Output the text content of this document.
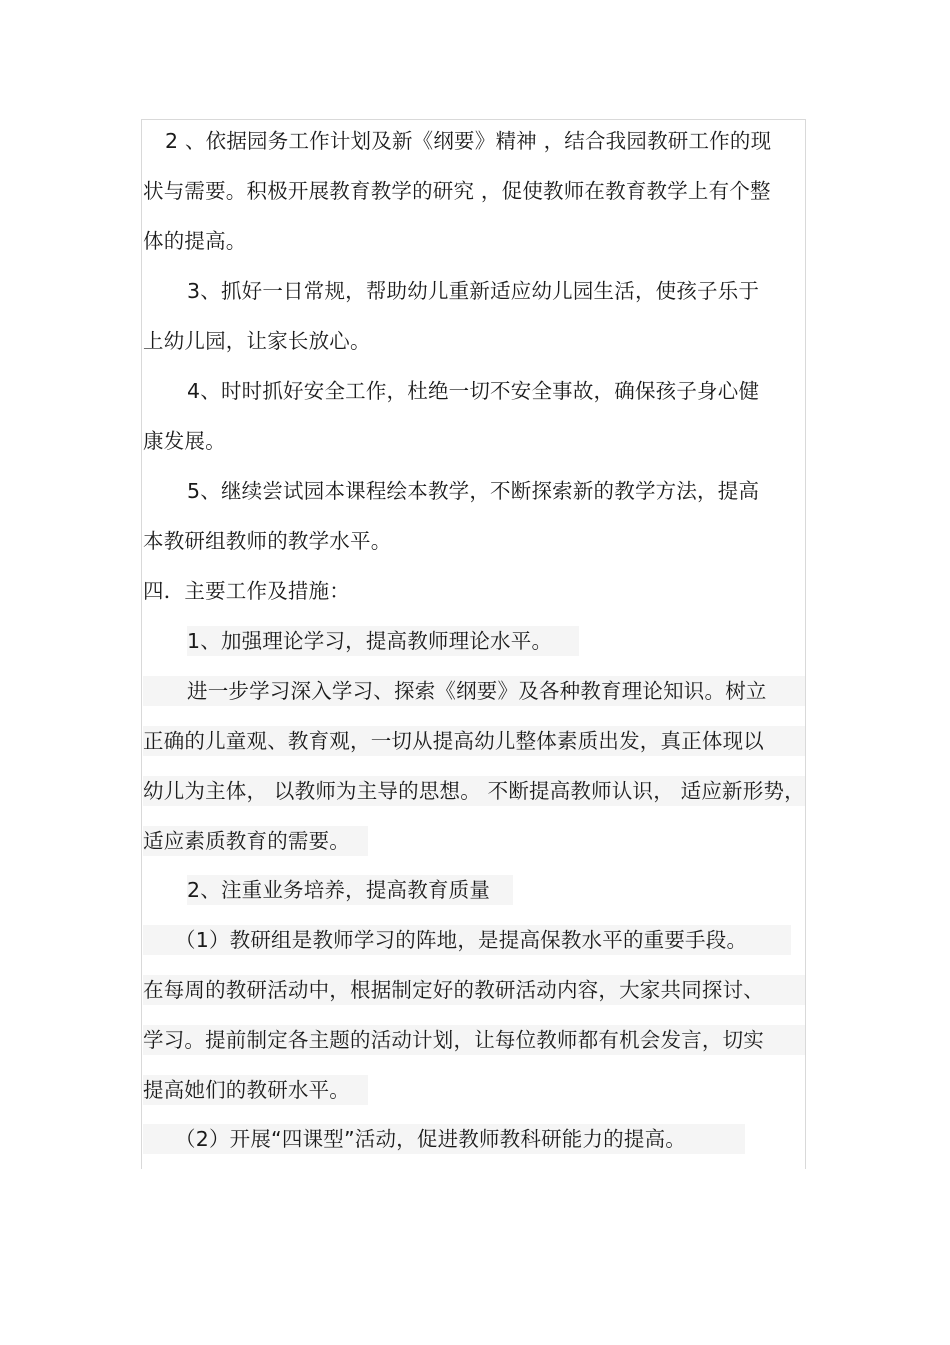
2 、依据园务工作计划及新《纲要》精神 ，结合我园教研工作的现
状与需要。积极开展教育教学的研究 ，促使教师在教育教学上有个整
体的提高。
3、抓好一日常规，帮助幼儿重新适应幼儿园生活，使孩子乐于
上幼儿园，让家长放心。
4、时时抓好安全工作，杜绝一切不安全事故，确保孩子身心健
康发展。
5、继续尝试园本课程绘本教学，不断探索新的教学方法，提高
本教研组教师的教学水平。
四．主要工作及措施：
1、加强理论学习，提高教师理论水平。
进一步学习深入学习、探索《纲要》及各种教育理论知识。树立
正确的儿童观、教育观，一切从提高幼儿整体素质出发，真正体现以
幼儿为主体， 以教师为主导的思想。 不断提高教师认识， 适应新形势，
适应素质教育的需要。
2、注重业务培养，提高教育质量
（1）教研组是教师学习的阵地，是提高保教水平的重要手段。
在每周的教研活动中，根据制定好的教研活动内容，大家共同探讨、
学习。提前制定各主题的活动计划，让每位教师都有机会发言，切实
提高她们的教研水平。
（2）开展“四课型”活动，促进教师教科研能力的提高。
